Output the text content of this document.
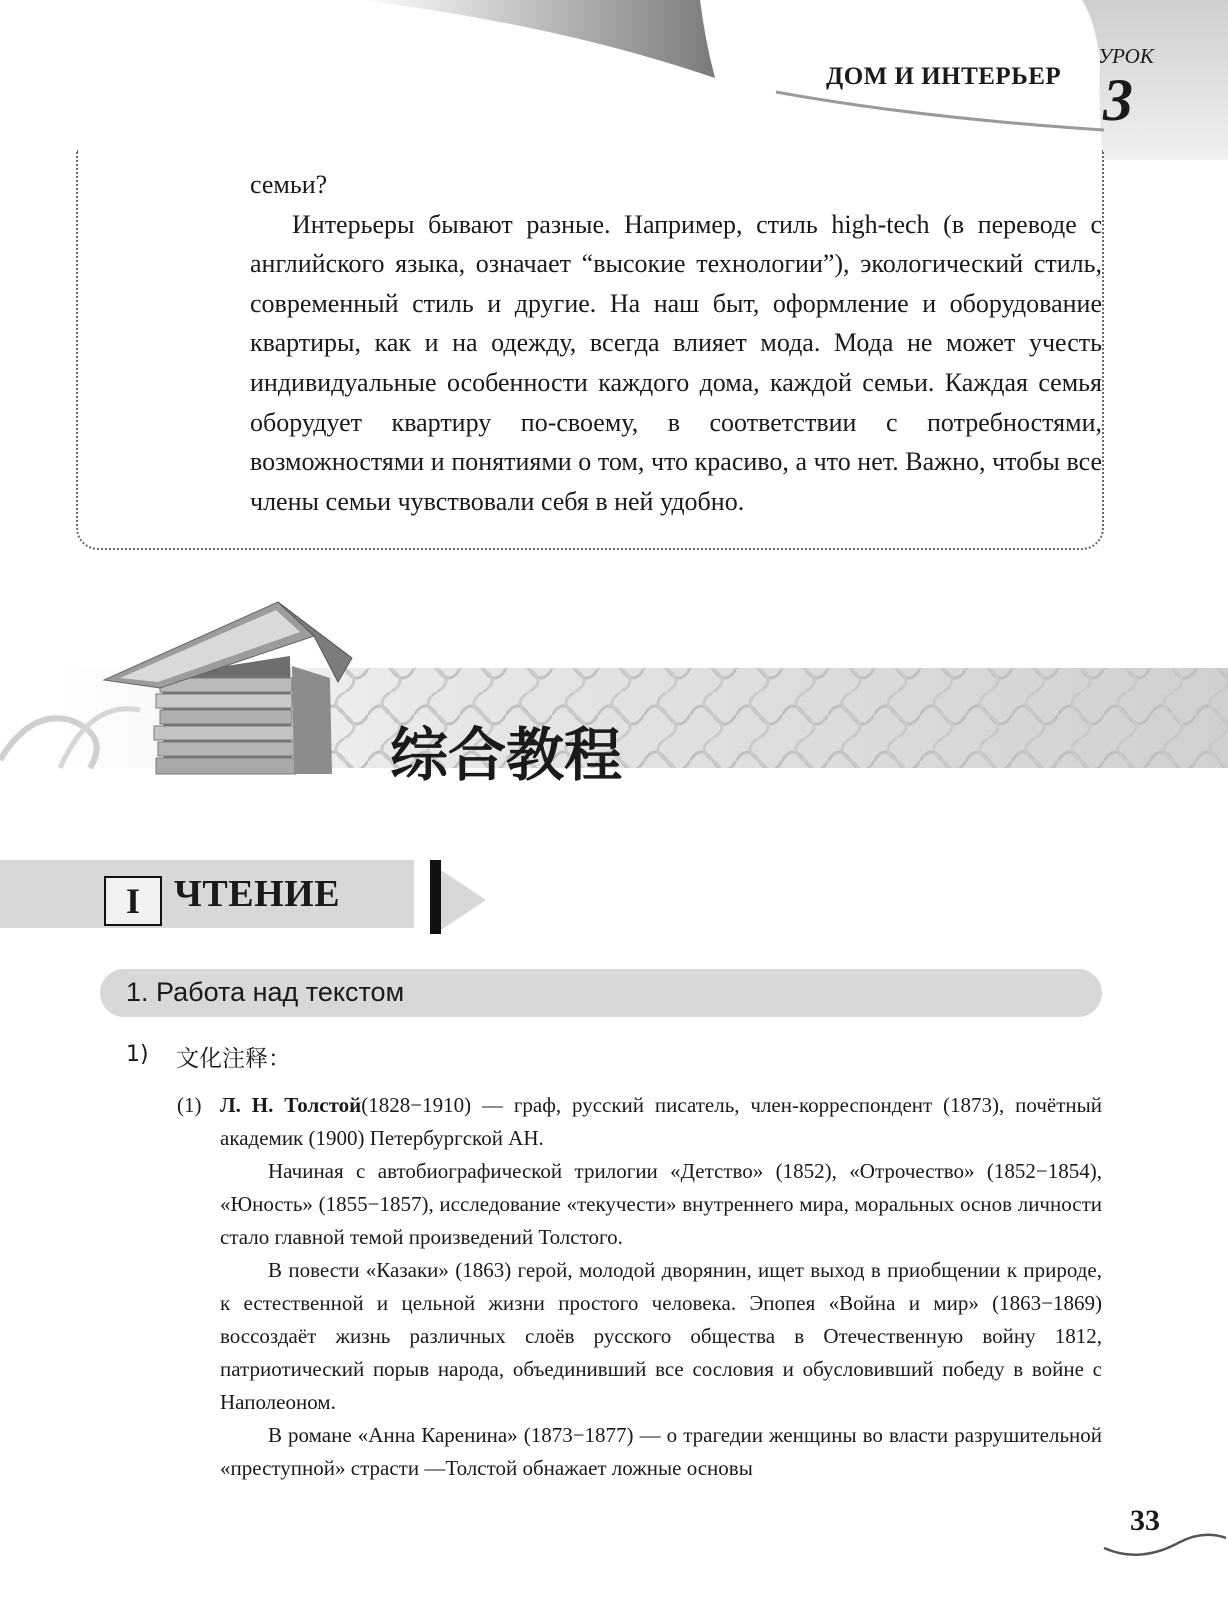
ДОМ И ИНТЕРЬЕР
УРОК
3

семьи?

Интерьеры бывают разные. Например, стиль high-tech (в переводе с английского языка, означает “высокие технологии”), экологический стиль, современный стиль и другие. На наш быт, оформление и оборудование квартиры, как и на одежду, всегда влияет мода. Мода не может учесть индивидуальные особенности каждого дома, каждой семьи. Каждая семья оборудует квартиру по-своему, в соответствии с потребностями, возможностями и понятиями о том, что красиво, а что нет. Важно, чтобы все члены семьи чувствовали себя в ней удобно.

综合教程
I ЧТЕНИЕ
1. Работа над текстом
1) 文化注释：
(1) Л. Н. Толстой(1828−1910) — граф, русский писатель, член-корреспондент (1873), почётный академик (1900) Петербургской АН.

Начиная с автобиографической трилогии «Детство» (1852), «Отрочество» (1852−1854), «Юность» (1855−1857), исследование «текучести» внутреннего мира, моральных основ личности стало главной темой произведений Толстого.

В повести «Казаки» (1863) герой, молодой дворянин, ищет выход в приобщении к природе, к естественной и цельной жизни простого человека. Эпопея «Война и мир» (1863−1869) воссоздаёт жизнь различных слоёв русского общества в Отечественную войну 1812, патриотический порыв народа, объединивший все сословия и обусловивший победу в войне с Наполеоном.

В романе «Анна Каренина» (1873−1877) — о трагедии женщины во власти разрушительной «преступной» страсти —Толстой обнажает ложные основы

33
